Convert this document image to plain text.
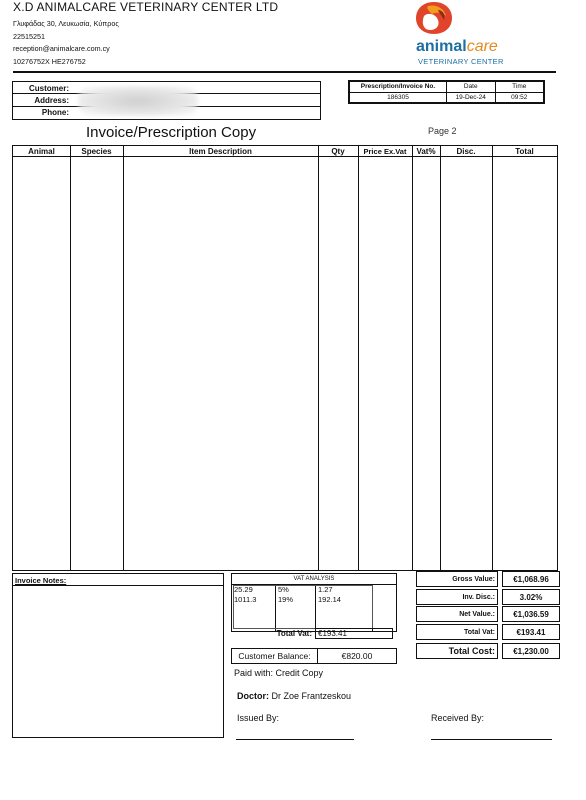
X.D ANIMALCARE VETERINARY CENTER LTD
Γλυφάδας 30, Λευκωσία, Κύπρος
22515251
reception@animalcare.com.cy
10276752X HE276752
animalcare
VETERINARY CENTER
Customer:
Address:
Phone:
Prescription/Invoice No.	Date	Time
186305	19-Dec-24	09:52
Invoice/Prescription Copy	Page 2
Animal	Species	Item Description	Qty	Price Ex.Vat	Vat%	Disc.	Total
Invoice Notes:	VAT ANALYSIS
25.29	5%	1.27
1011.3	19%	192.14
Total Vat: €193.41
Gross Value:	€1,068.96
Inv. Disc.:	3.02%
Net Value.:	€1,036.59
Total Vat:	€193.41
Total Cost:	€1,230.00
Customer Balance:	€820.00
Paid with: Credit Copy
Doctor: Dr Zoe Frantzeskou
Issued By:	Received By:
